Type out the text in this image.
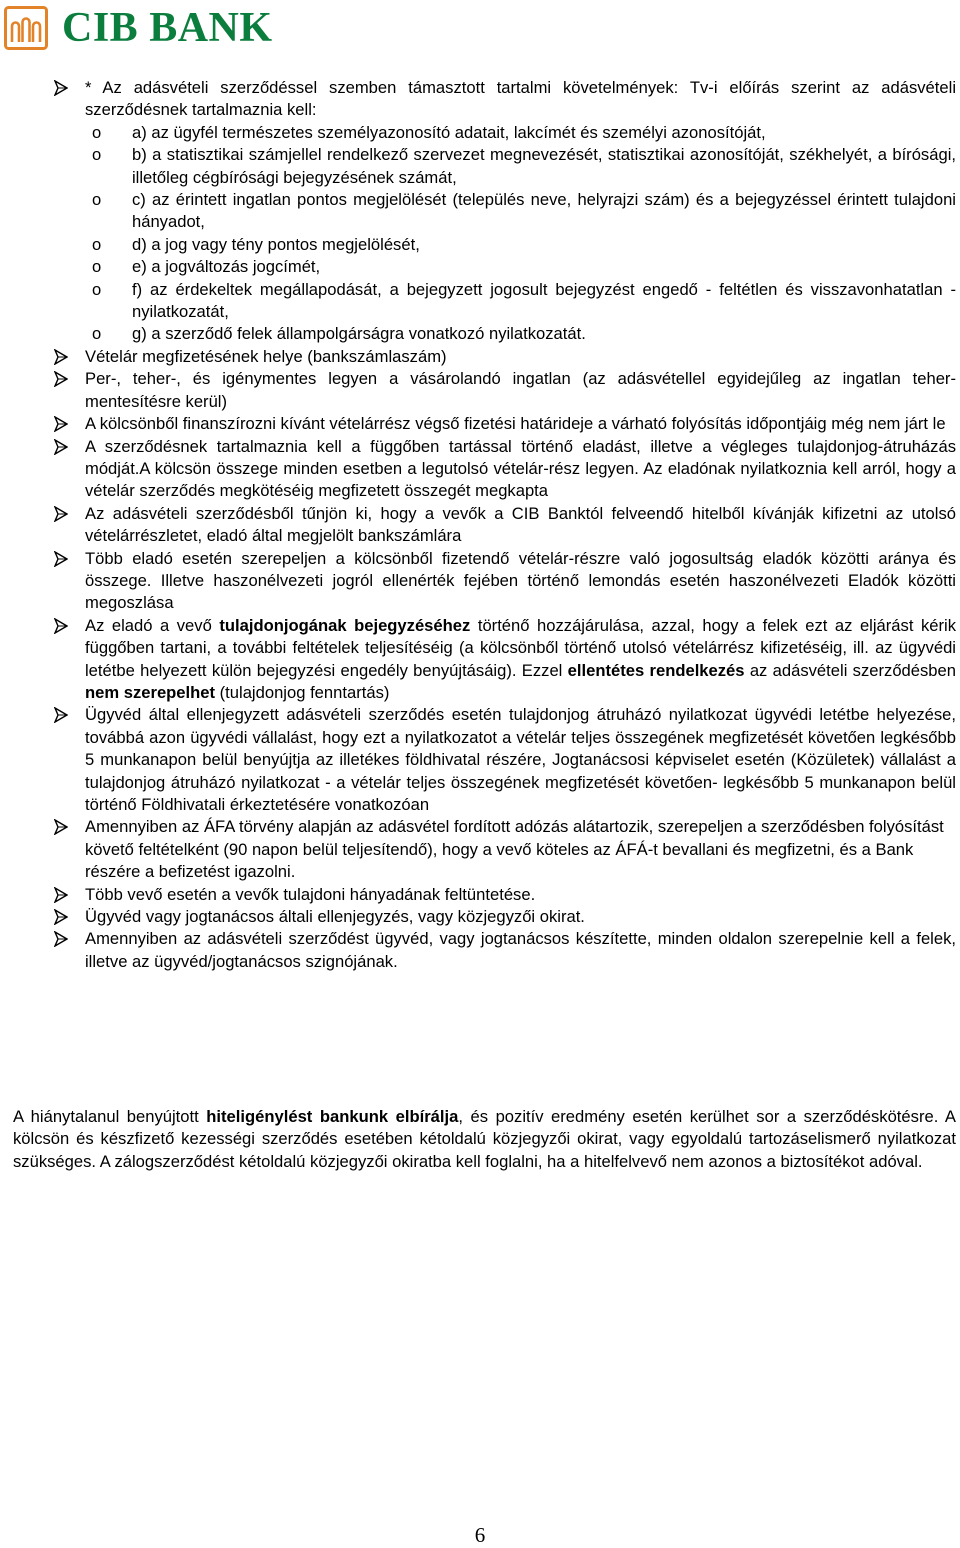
CIB BANK
* Az adásvételi szerződéssel szemben támasztott tartalmi követelmények: Tv-i előírás szerint az adásvételi szerződésnek tartalmaznia kell:
o a) az ügyfél természetes személyazonosító adatait, lakcímét és személyi azonosítóját,
o b) a statisztikai számjellel rendelkező szervezet megnevezését, statisztikai azonosítóját, székhelyét, a bírósági, illetőleg cégbírósági bejegyzésének számát,
o c) az érintett ingatlan pontos megjelölését (település neve, helyrajzi szám) és a bejegyzéssel érintett tulajdoni hányadot,
o d) a jog vagy tény pontos megjelölését,
o e) a jogváltozás jogcímét,
o f) az érdekeltek megállapodását, a bejegyzett jogosult bejegyzést engedő - feltétlen és visszavonhatatlan - nyilatkozatát,
o g) a szerződő felek állampolgárságra vonatkozó nyilatkozatát.
Vételár megfizetésének helye (bankszámlaszám)
Per-, teher-, és igénymentes legyen a vásárolandó ingatlan (az adásvétellel egyidejűleg az ingatlan teher-mentesítésre kerül)
A kölcsönből finanszírozni kívánt vételárrész végső fizetési határideje a várható folyósítás időpontjáig még nem járt le
A szerződésnek tartalmaznia kell a függőben tartással történő eladást, illetve a végleges tulajdonjog-átruházás módját.A kölcsön összege minden esetben a legutolsó vételár-rész legyen. Az eladónak nyilatkoznia kell arról, hogy a vételár szerződés megkötéséig megfizetett összegét megkapta
Az adásvételi szerződésből tűnjön ki, hogy a vevők a CIB Banktól felveendő hitelből kívánják kifizetni az utolsó vételárrészletet, eladó által megjelölt bankszámlára
Több eladó esetén szerepeljen a kölcsönből fizetendő vételár-részre való jogosultság eladók közötti aránya és összege. Illetve haszonélvezeti jogról ellenérték fejében történő lemondás esetén haszonélvezeti Eladók közötti megoszlása
Az eladó a vevő tulajdonjogának bejegyzéséhez történő hozzájárulása, azzal, hogy a felek ezt az eljárást kérik függőben tartani, a további feltételek teljesítéséig (a kölcsönből történő utolsó vételárrész kifizetéséig, ill. az ügyvédi letétbe helyezett külön bejegyzési engedély benyújtásáig). Ezzel ellentétes rendelkezés az adásvételi szerződésben nem szerepelhet (tulajdonjog fenntartás)
Ügyvéd által ellenjegyzett adásvételi szerződés esetén tulajdonjog átruházó nyilatkozat ügyvédi letétbe helyezése, továbbá azon ügyvédi vállalást, hogy ezt a nyilatkozatot a vételár teljes összegének megfizetését követően legkésőbb 5 munkanapon belül benyújtja az illetékes földhivatal részére, Jogtanácsosi képviselet esetén (Közületek) vállalást a tulajdonjog átruházó nyilatkozat - a vételár teljes összegének megfizetését követően- legkésőbb 5 munkanapon belül történő Földhivatali érkeztetésére vonatkozóan
Amennyiben az ÁFA törvény alapján az adásvétel fordított adózás alátartozik, szerepeljen a szerződésben folyósítást követő feltételként (90 napon belül teljesítendő), hogy a vevő köteles az ÁFÁ-t bevallani és megfizetni, és a Bank részére a befizetést igazolni.
Több vevő esetén a vevők tulajdoni hányadának feltüntetése.
Ügyvéd vagy jogtanácsos általi ellenjegyzés, vagy közjegyzői okirat.
Amennyiben az adásvételi szerződést ügyvéd, vagy jogtanácsos készítette, minden oldalon szerepelnie kell a felek, illetve az ügyvéd/jogtanácsos szignójának.
A hiánytalanul benyújtott hiteligénylést bankunk elbírálja, és pozitív eredmény esetén kerülhet sor a szerződéskötésre. A kölcsön és készfizető kezességi szerződés esetében kétoldalú közjegyzői okirat, vagy egyoldalú tartozáselismerő nyilatkozat szükséges. A zálogszerződést kétoldalú közjegyzői okiratba kell foglalni, ha a hitelfelvevő nem azonos a biztosítékot adóval.
6
